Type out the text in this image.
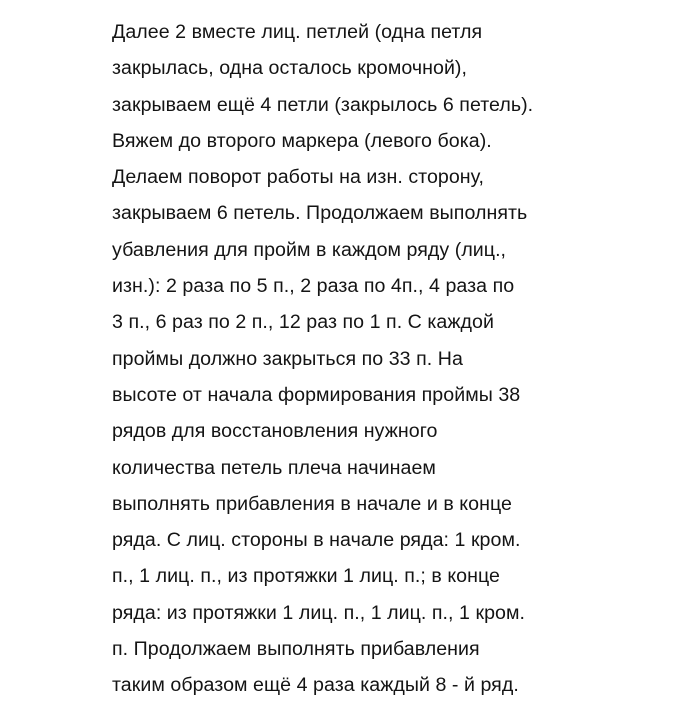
Далее 2 вместе лиц. петлей (одна петля
закрылась, одна осталось кромочной),
закрываем ещё 4 петли (закрылось 6 петель).
Вяжем до второго маркера (левого бока).
Делаем поворот работы на изн. сторону,
закрываем 6 петель. Продолжаем выполнять
убавления для пройм в каждом ряду (лиц.,
изн.): 2 раза по 5 п., 2 раза по 4п., 4 раза по
3 п., 6 раз по 2 п., 12 раз по 1 п. С каждой
проймы должно закрыться по 33 п. На
высоте от начала формирования проймы 38
рядов для восстановления нужного
количества петель плеча начинаем
выполнять прибавления в начале и в конце
ряда. С лиц. стороны в начале ряда: 1 кром.
п., 1 лиц. п., из протяжки 1 лиц. п.; в конце
ряда: из протяжки 1 лиц. п., 1 лиц. п., 1 кром.
п. Продолжаем выполнять прибавления
таким образом ещё 4 раза каждый 8 - й ряд.
